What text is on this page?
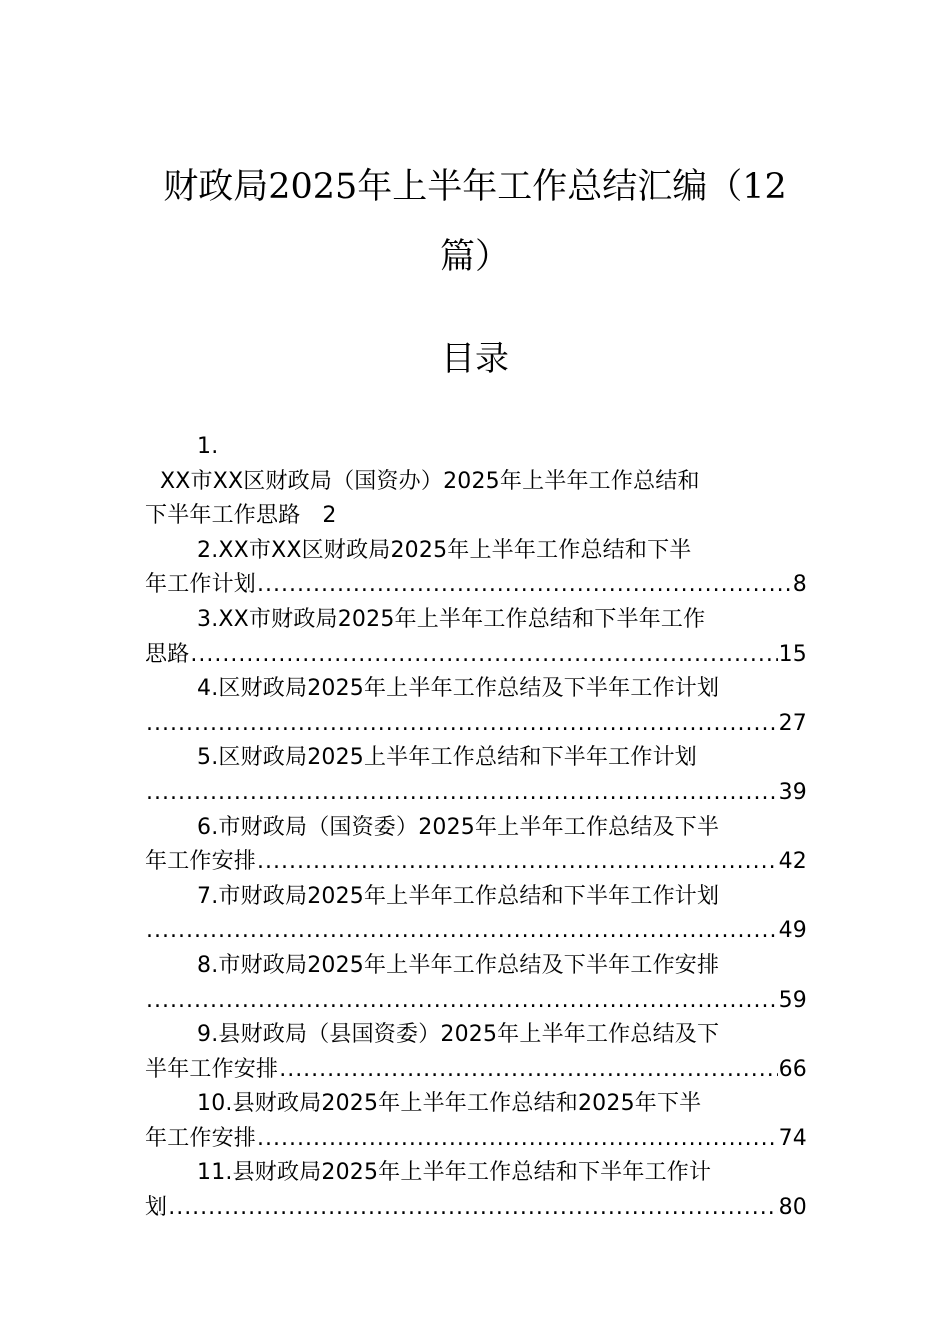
财政局2025年上半年工作总结汇编（12
篇）
目录
1.
XX市XX区财政局（国资办）2025年上半年工作总结和
下半年工作思路 2
2.XX市XX区财政局2025年上半年工作总结和下半
年工作计划 .....	8
3.XX市财政局2025年上半年工作总结和下半年工作
思路 .....	15
4.区财政局2025年上半年工作总结及下半年工作计划
.....
27
5.区财政局2025上半年工作总结和下半年工作计划
.....
39
6.市财政局（国资委）2025年上半年工作总结及下半
年工作安排 .....	42
7.市财政局2025年上半年工作总结和下半年工作计划
.....
49
8.市财政局2025年上半年工作总结及下半年工作安排
.....
59
9.县财政局（县国资委）2025年上半年工作总结及下
半年工作安排 .....	66
10.县财政局2025年上半年工作总结和2025年下半
年工作安排 .....	74
11.县财政局2025年上半年工作总结和下半年工作计
划 .....	80
